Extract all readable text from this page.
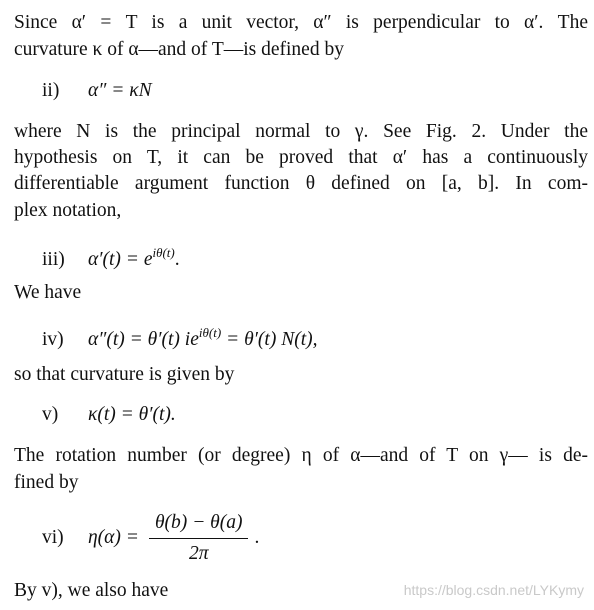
Since α′ = T is a unit vector, α″ is perpendicular to α′. The
curvature κ of α—and of T—is defined by
ii) α″ = κN
where N is the principal normal to γ. See Fig. 2. Under the
hypothesis on T, it can be proved that α′ has a continuously
differentiable argument function θ defined on [a, b]. In com-
plex notation,
iii) $\alpha'(t) = e^{i\theta(t)}$.
We have
iv) α″(t) = θ′(t) $ie^{i\theta(t)} = \theta'(t)$ N(t),
so that curvature is given by
v) κ(t) = θ′(t).
The rotation number (or degree) η of α—and of T on γ— is de-
fined by
vi)	$\eta(\alpha) = \frac{\theta(b) - \theta(a)}{2\pi}$ .
By v), we also have	https://blog.csdn.net/LYKymy
